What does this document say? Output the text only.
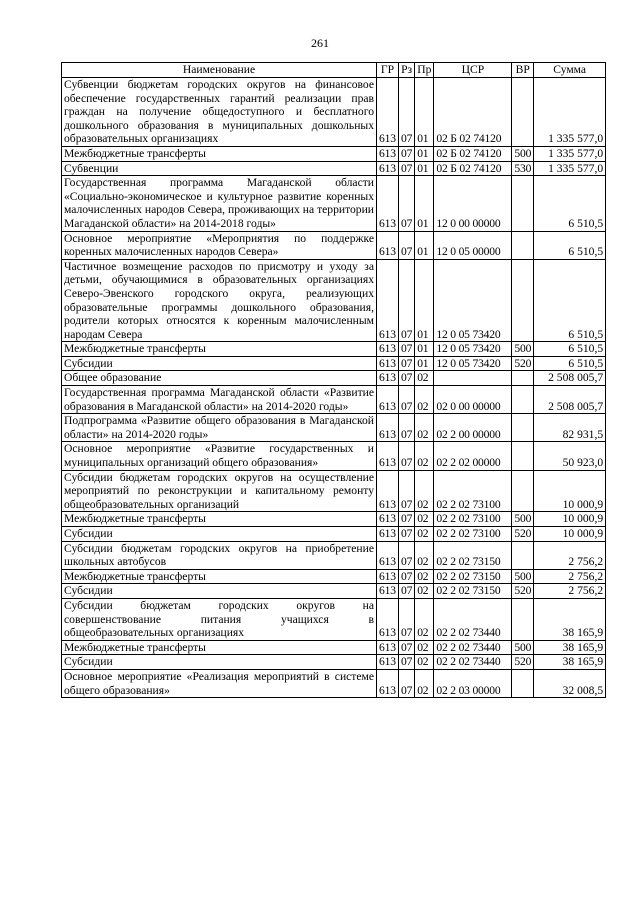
261
Наименование	ГР	Рз	Пр	ЦСР	ВР	Сумма
Субвенции бюджетам городских округов на финансовое обеспечение государственных гарантий реализации прав граждан на получение общедоступного и бесплатного дошкольного образования в муниципальных дошкольных образовательных организациях	613	07	01	02 Б 02 74120		1 335 577,0
Межбюджетные трансферты	613	07	01	02 Б 02 74120	500	1 335 577,0
Субвенции	613	07	01	02 Б 02 74120	530	1 335 577,0
Государственная программа Магаданской области «Социально-экономическое и культурное развитие коренных малочисленных народов Севера, проживающих на территории Магаданской области» на 2014-2018 годы»	613	07	01	12 0 00 00000		6 510,5
Основное мероприятие «Мероприятия по поддержке коренных малочисленных народов Севера»	613	07	01	12 0 05 00000		6 510,5
Частичное возмещение расходов по присмотру и уходу за детьми, обучающимися в образовательных организациях Северо-Эвенского городского округа, реализующих образовательные программы дошкольного образования, родители которых относятся к коренным малочисленным народам Севера	613	07	01	12 0 05 73420		6 510,5
Межбюджетные трансферты	613	07	01	12 0 05 73420	500	6 510,5
Субсидии	613	07	01	12 0 05 73420	520	6 510,5
Общее образование	613	07	02			2 508 005,7
Государственная программа Магаданской области «Развитие образования в Магаданской области» на 2014-2020 годы»	613	07	02	02 0 00 00000		2 508 005,7
Подпрограмма «Развитие общего образования в Магаданской области» на 2014-2020 годы»	613	07	02	02 2 00 00000		82 931,5
Основное мероприятие «Развитие государственных и муниципальных организаций общего образования»	613	07	02	02 2 02 00000		50 923,0
Субсидии бюджетам городских округов на осуществление мероприятий по реконструкции и капитальному ремонту общеобразовательных организаций	613	07	02	02 2 02 73100		10 000,9
Межбюджетные трансферты	613	07	02	02 2 02 73100	500	10 000,9
Субсидии	613	07	02	02 2 02 73100	520	10 000,9
Субсидии бюджетам городских округов на приобретение школьных автобусов	613	07	02	02 2 02 73150		2 756,2
Межбюджетные трансферты	613	07	02	02 2 02 73150	500	2 756,2
Субсидии	613	07	02	02 2 02 73150	520	2 756,2
Субсидии бюджетам городских округов на совершенствование питания учащихся в общеобразовательных организациях	613	07	02	02 2 02 73440		38 165,9
Межбюджетные трансферты	613	07	02	02 2 02 73440	500	38 165,9
Субсидии	613	07	02	02 2 02 73440	520	38 165,9
Основное мероприятие «Реализация мероприятий в системе общего образования»	613	07	02	02 2 03 00000		32 008,5
